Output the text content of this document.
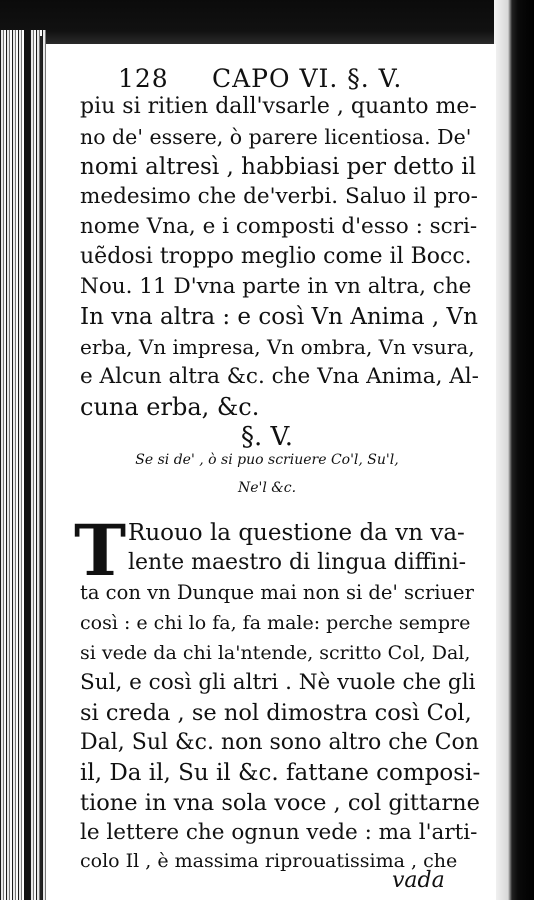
128 CAPO VI. §. V.
piu si ritien dall'vsarle , quanto me-
no de' essere, ò parere licentiosa. De'
nomi altresì , habbiasi per detto il
medesimo che de'verbi. Saluo il pro-
nome Vna, e i composti d'esso : scri-
uẽdosi troppo meglio come il Bocc.
Nou. 11 D'vna parte in vn altra, che
In vna altra : e così Vn Anima , Vn
erba, Vn impresa, Vn ombra, Vn vsura,
e Alcun altra &c. che Vna Anima, Al-
cuna erba, &c.
§. V.
Se si de' , ò si puo scriuere Co'l, Su'l,
Ne'l &c.
T Ruouo la questione da vn va-
lente maestro di lingua diffini-
ta con vn Dunque mai non si de' scriuer
così : e chi lo fa, fa male: perche sempre
si vede da chi la'ntende, scritto Col, Dal,
Sul, e così gli altri . Nè vuole che gli
si creda , se nol dimostra così Col,
Dal, Sul &c. non sono altro che Con
il, Da il, Su il &c. fattane composi-
tione in vna sola voce , col gittarne
le lettere che ognun vede : ma l'arti-
colo Il , è massima riprouatissima , che
vada
